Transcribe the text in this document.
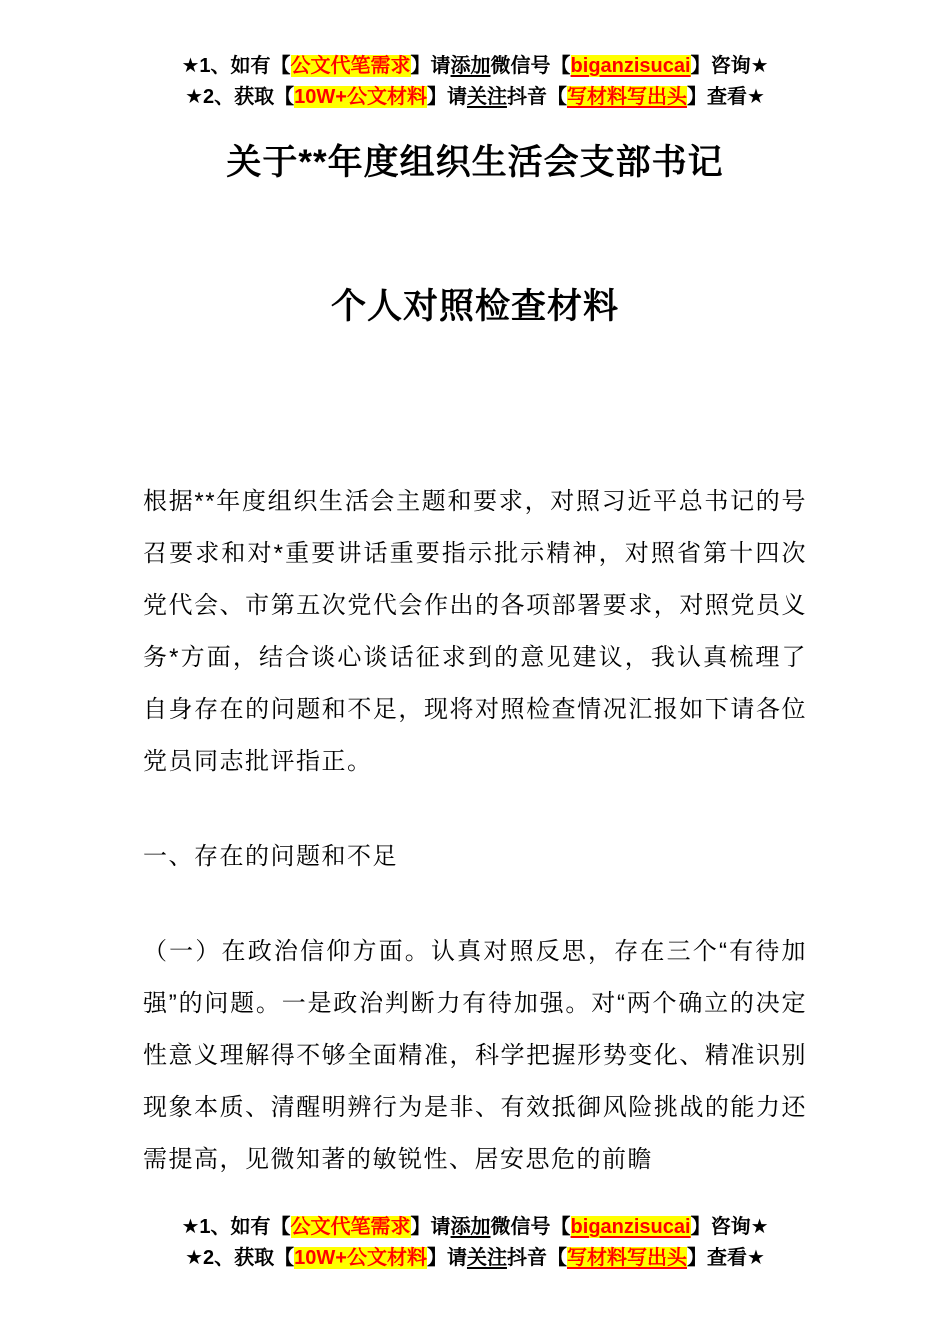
★1、如有【公文代笔需求】请添加微信号【biganzisucai】咨询★
★2、获取【10W+公文材料】请关注抖音【写材料写出头】查看★
关于**年度组织生活会支部书记
个人对照检查材料

根据**年度组织生活会主题和要求，对照习近平总书记的号召要求和对*重要讲话重要指示批示精神，对照省第十四次党代会、市第五次党代会作出的各项部署要求，对照党员义务*方面，结合谈心谈话征求到的意见建议，我认真梳理了自身存在的问题和不足，现将对照检查情况汇报如下请各位党员同志批评指正。

一、存在的问题和不足

（一）在政治信仰方面。认真对照反思，存在三个“有待加强”的问题。一是政治判断力有待加强。对“两个确立的决定性意义理解得不够全面精准，科学把握形势变化、精准识别现象本质、清醒明辨行为是非、有效抵御风险挑战的能力还需提高，见微知著的敏锐性、居安思危的前瞻

★1、如有【公文代笔需求】请添加微信号【biganzisucai】咨询★
★2、获取【10W+公文材料】请关注抖音【写材料写出头】查看★
